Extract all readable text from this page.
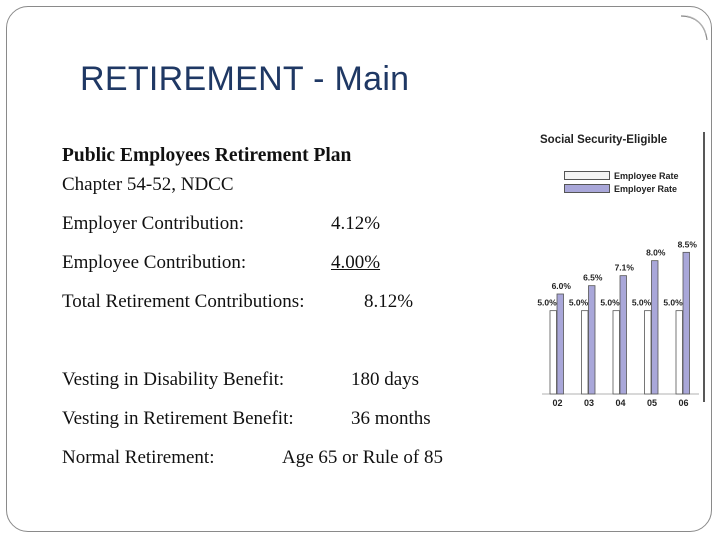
RETIREMENT - Main
Public Employees Retirement Plan
Chapter 54-52, NDCC
Employer Contribution:	4.12%
Employee Contribution:	4.00%
Total Retirement Contributions:	8.12%
Vesting in Disability Benefit:	180 days
Vesting in Retirement Benefit:	36 months
Normal Retirement:	Age 65 or Rule of 85
Social Security-Eligible
Employee Rate
Employer Rate
5.0%
6.0%
02
5.0%
6.5%
03
5.0%
7.1%
04
5.0%
8.0%
05
5.0%
8.5%
06
